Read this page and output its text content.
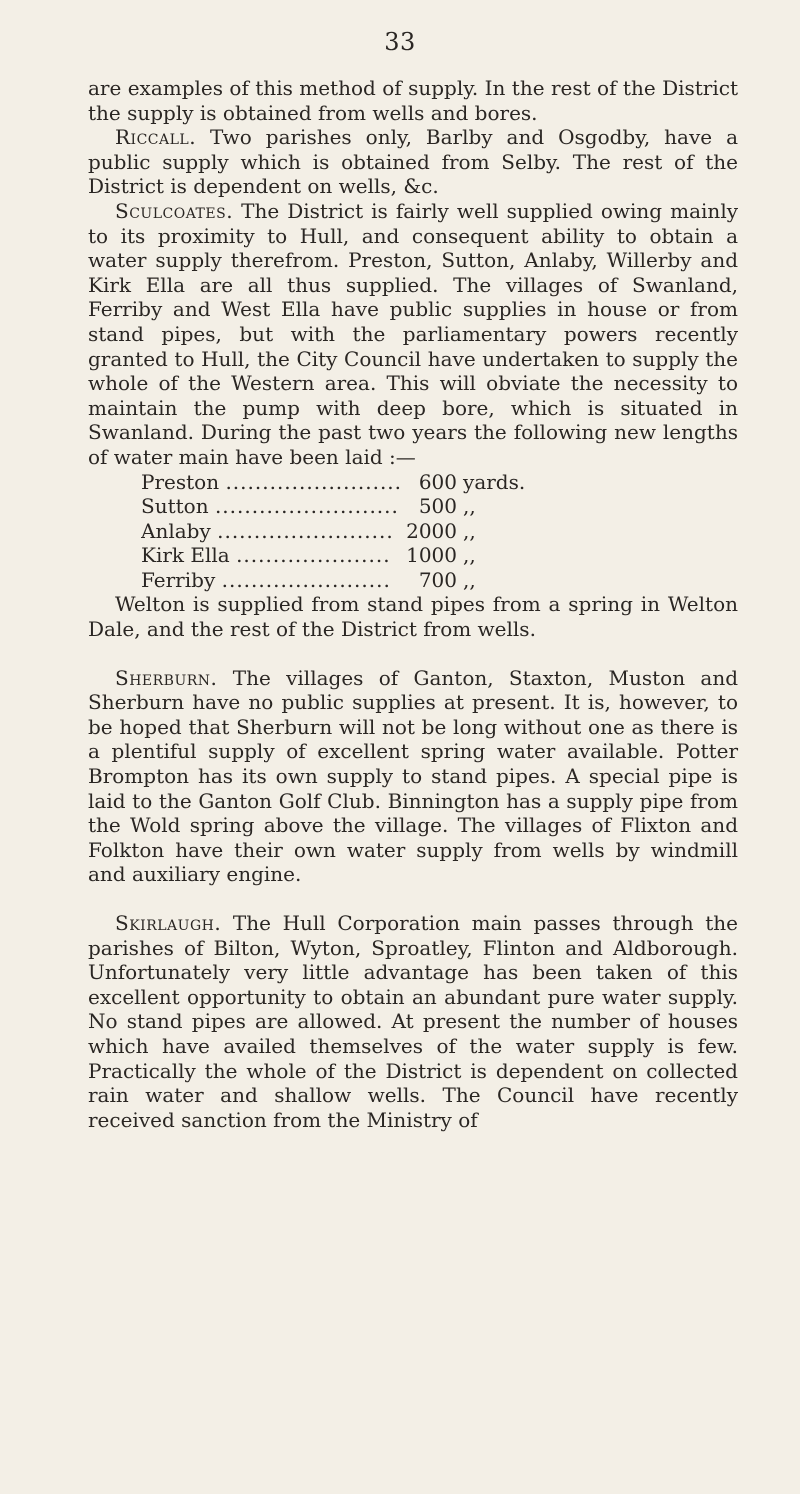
33

are examples of this method of supply. In the rest of the District the supply is obtained from wells and bores.

Riccall. Two parishes only, Barlby and Osgodby, have a public supply which is obtained from Selby. The rest of the District is dependent on wells, &c.

Sculcoates. The District is fairly well supplied owing mainly to its proximity to Hull, and consequent ability to obtain a water supply therefrom. Preston, Sutton, Anlaby, Willerby and Kirk Ella are all thus supplied. The villages of Swanland, Ferriby and West Ella have public supplies in house or from stand pipes, but with the parliamentary powers recently granted to Hull, the City Council have undertaken to supply the whole of the Western area. This will obviate the necessity to maintain the pump with deep bore, which is situated in Swanland. During the past two years the following new lengths of water main have been laid :—

Preston ........................	600	yards.
Sutton .........................	500	,,
Anlaby ........................	2000	,,
Kirk Ella .....................	1000	,,
Ferriby .......................	700	,,

Welton is supplied from stand pipes from a spring in Welton Dale, and the rest of the District from wells.

Sherburn. The villages of Ganton, Staxton, Muston and Sherburn have no public supplies at present. It is, however, to be hoped that Sherburn will not be long without one as there is a plentiful supply of excellent spring water available. Potter Brompton has its own supply to stand pipes. A special pipe is laid to the Ganton Golf Club. Binnington has a supply pipe from the Wold spring above the village. The villages of Flixton and Folkton have their own water supply from wells by windmill and auxiliary engine.

Skirlaugh. The Hull Corporation main passes through the parishes of Bilton, Wyton, Sproatley, Flinton and Aldborough. Unfortunately very little advantage has been taken of this excellent opportunity to obtain an abundant pure water supply. No stand pipes are allowed. At present the number of houses which have availed themselves of the water supply is few. Practically the whole of the District is dependent on collected rain water and shallow wells. The Council have recently received sanction from the Ministry of
